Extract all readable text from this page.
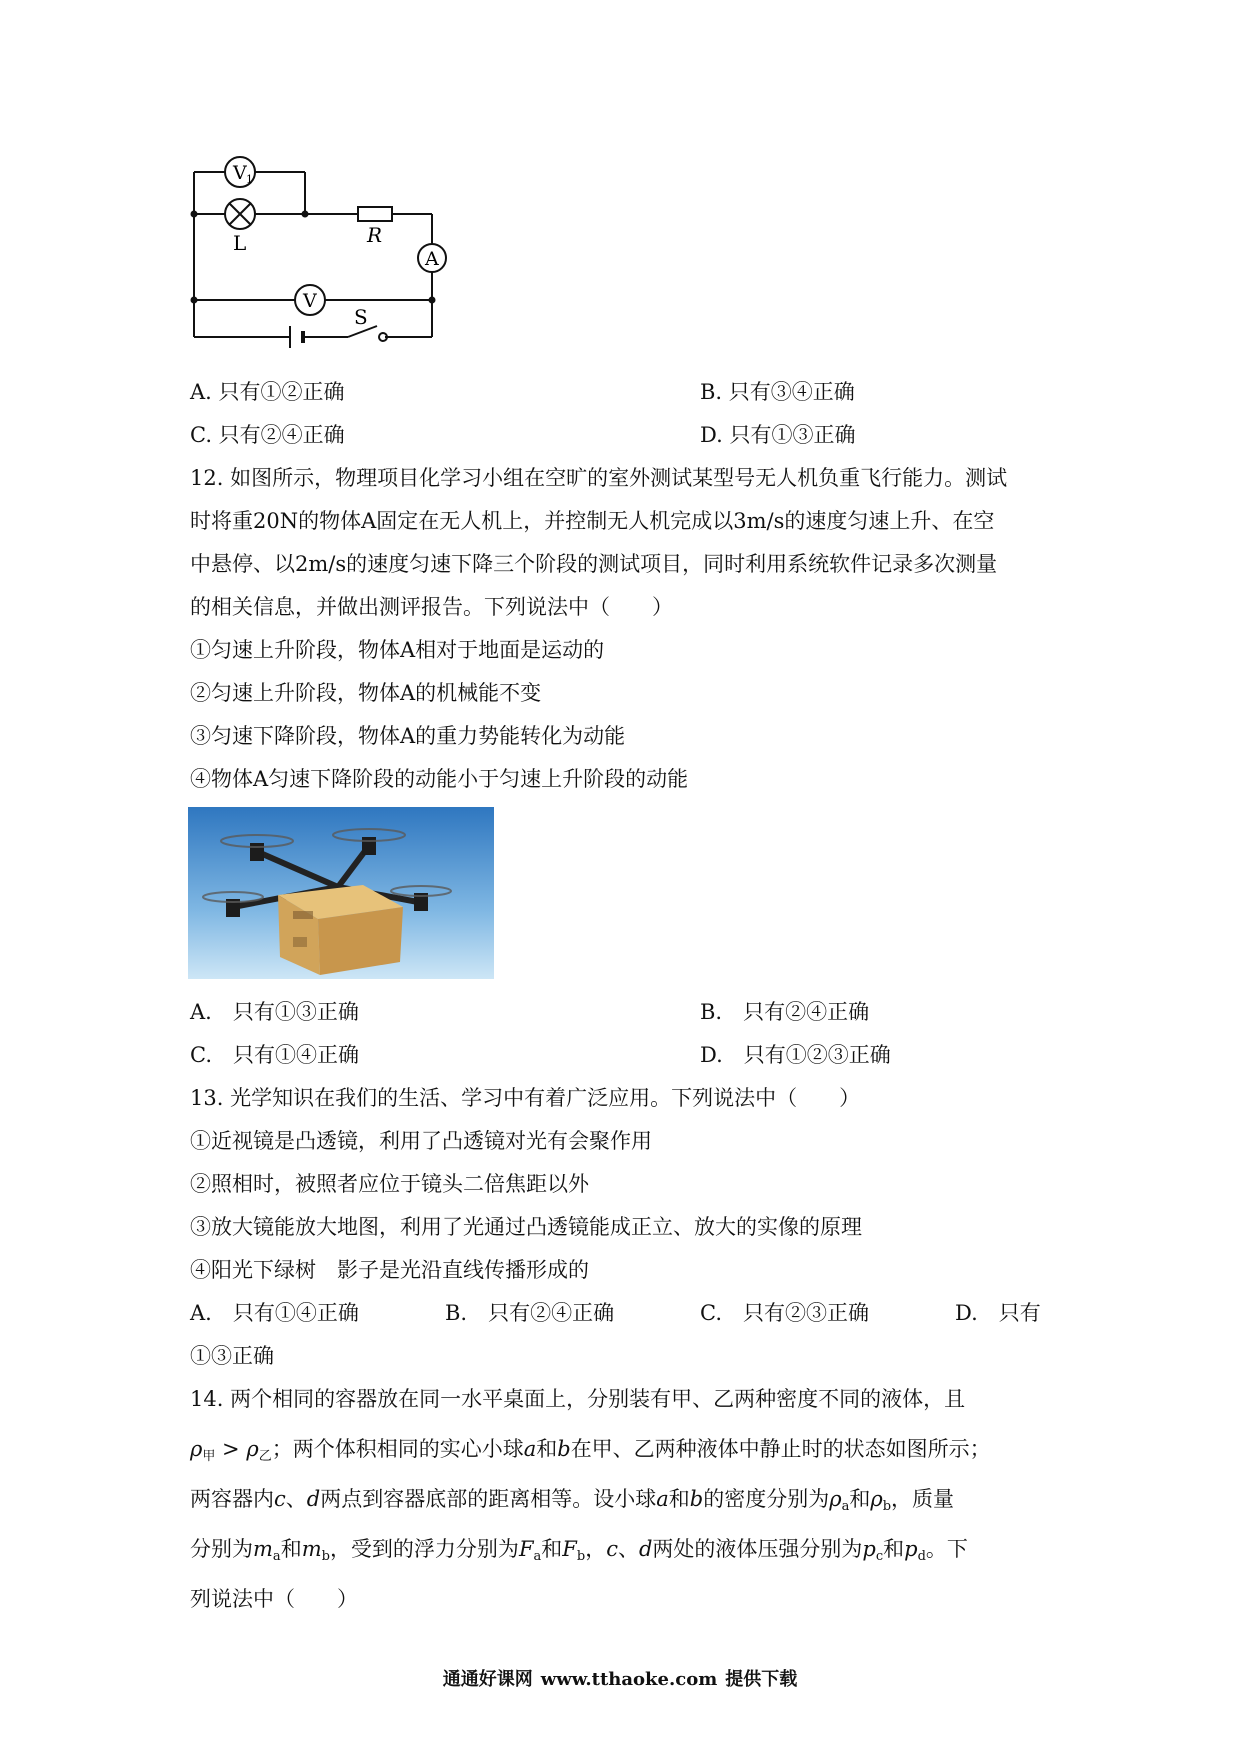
V 1
L	R
A
V
S
A. 只有①②正确	B. 只有③④正确
C. 只有②④正确	D. 只有①③正确
12. 如图所示，物理项目化学习小组在空旷的室外测试某型号无人机负重飞行能力。测试
时将重20N的物体A固定在无人机上，并控制无人机完成以3m/s的速度匀速上升、在空
中悬停、以2m/s的速度匀速下降三个阶段的测试项目，同时利用系统软件记录多次测量
的相关信息，并做出测评报告。下列说法中（　　）
①匀速上升阶段，物体A相对于地面是运动的
②匀速上升阶段，物体A的机械能不变
③匀速下降阶段，物体A的重力势能转化为动能
④物体A匀速下降阶段的动能小于匀速上升阶段的动能
A.　只有①③正确	B.　只有②④正确
C.　只有①④正确	D.　只有①②③正确
13. 光学知识在我们的生活、学习中有着广泛应用。下列说法中（　　）
①近视镜是凸透镜，利用了凸透镜对光有会聚作用
②照相时，被照者应位于镜头二倍焦距以外
③放大镜能放大地图，利用了光通过凸透镜能成正立、放大的实像的原理
④阳光下绿树　影子是光沿直线传播形成的
A.　只有①④正确	B.　只有②④正确	C.　只有②③正确	D.　只有
①③正确
14. 两个相同的容器放在同一水平桌面上，分别装有甲、乙两种密度不同的液体，且
$\rho_甲 > \rho_乙$；两个体积相同的实心小球a和b在甲、乙两种液体中静止时的状态如图所示；
两容器内c、d两点到容器底部的距离相等。设小球a和b的密度分别为$\rho_a$和$\rho_b$，质量
分别为$m_a$和$m_b$，受到的浮力分别为$F_a$和$F_b$，c、d两处的液体压强分别为$p_c$和$p_d$。下
列说法中（　　）
通通好课网 www.tthaoke.com 提供下载
